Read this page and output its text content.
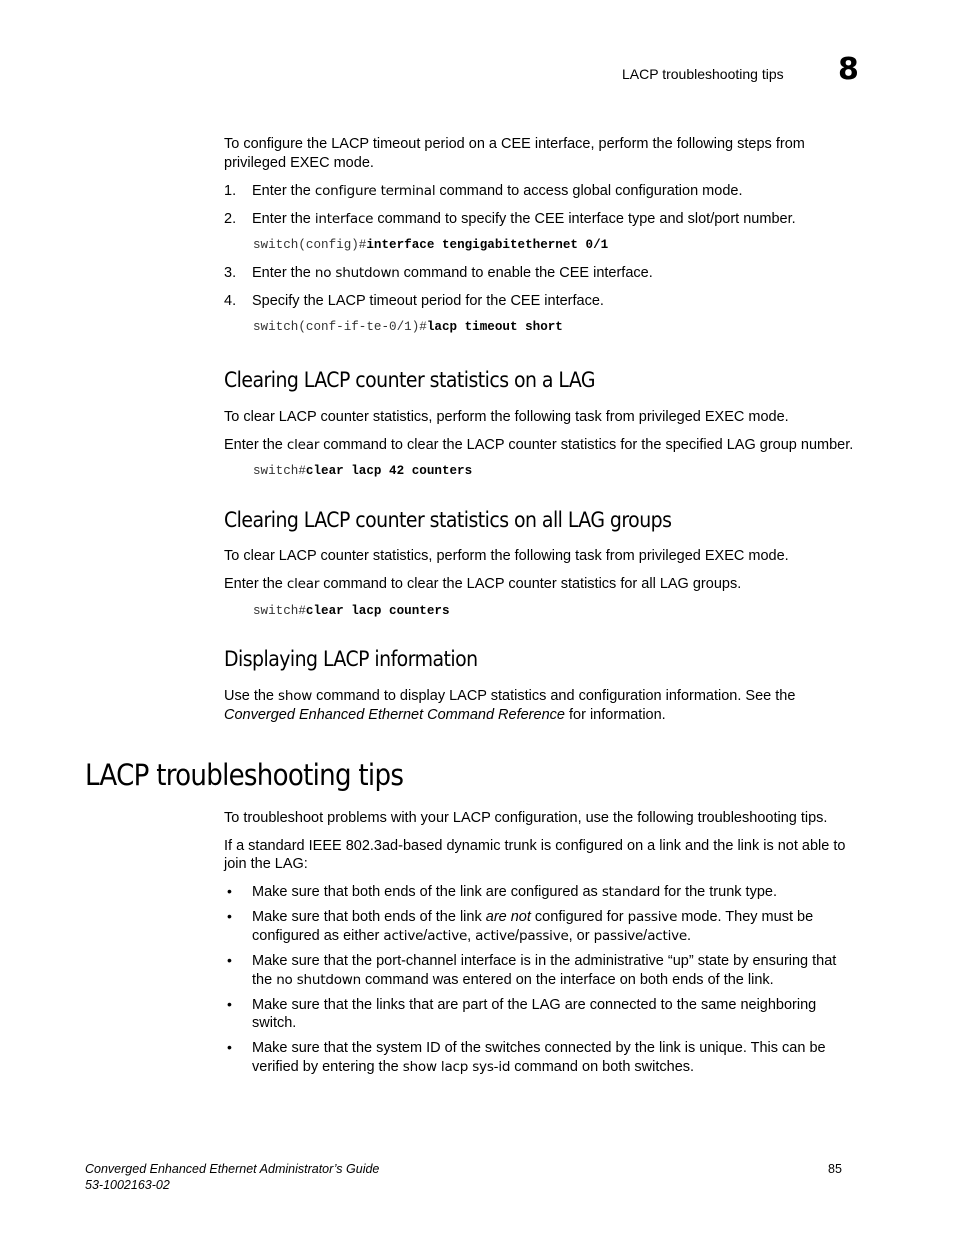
LACP troubleshooting tips 8
To configure the LACP timeout period on a CEE interface, perform the following steps from privileged EXEC mode.
1. Enter the configure terminal command to access global configuration mode.
2. Enter the interface command to specify the CEE interface type and slot/port number.
switch(config)#interface tengigabitethernet 0/1
3. Enter the no shutdown command to enable the CEE interface.
4. Specify the LACP timeout period for the CEE interface.
switch(conf-if-te-0/1)#lacp timeout short
Clearing LACP counter statistics on a LAG
To clear LACP counter statistics, perform the following task from privileged EXEC mode.
Enter the clear command to clear the LACP counter statistics for the specified LAG group number.
switch#clear lacp 42 counters
Clearing LACP counter statistics on all LAG groups
To clear LACP counter statistics, perform the following task from privileged EXEC mode.
Enter the clear command to clear the LACP counter statistics for all LAG groups.
switch#clear lacp counters
Displaying LACP information
Use the show command to display LACP statistics and configuration information. See the
Converged Enhanced Ethernet Command Reference for information.
LACP troubleshooting tips
To troubleshoot problems with your LACP configuration, use the following troubleshooting tips.
If a standard IEEE 802.3ad-based dynamic trunk is configured on a link and the link is not able to
join the LAG:
• Make sure that both ends of the link are configured as standard for the trunk type.
• Make sure that both ends of the link are not configured for passive mode. They must be
configured as either active/active, active/passive, or passive/active.
• Make sure that the port-channel interface is in the administrative “up” state by ensuring that
the no shutdown command was entered on the interface on both ends of the link.
• Make sure that the links that are part of the LAG are connected to the same neighboring
switch.
• Make sure that the system ID of the switches connected by the link is unique. This can be
verified by entering the show lacp sys-id command on both switches.
Converged Enhanced Ethernet Administrator’s Guide
53-1002163-02
85
